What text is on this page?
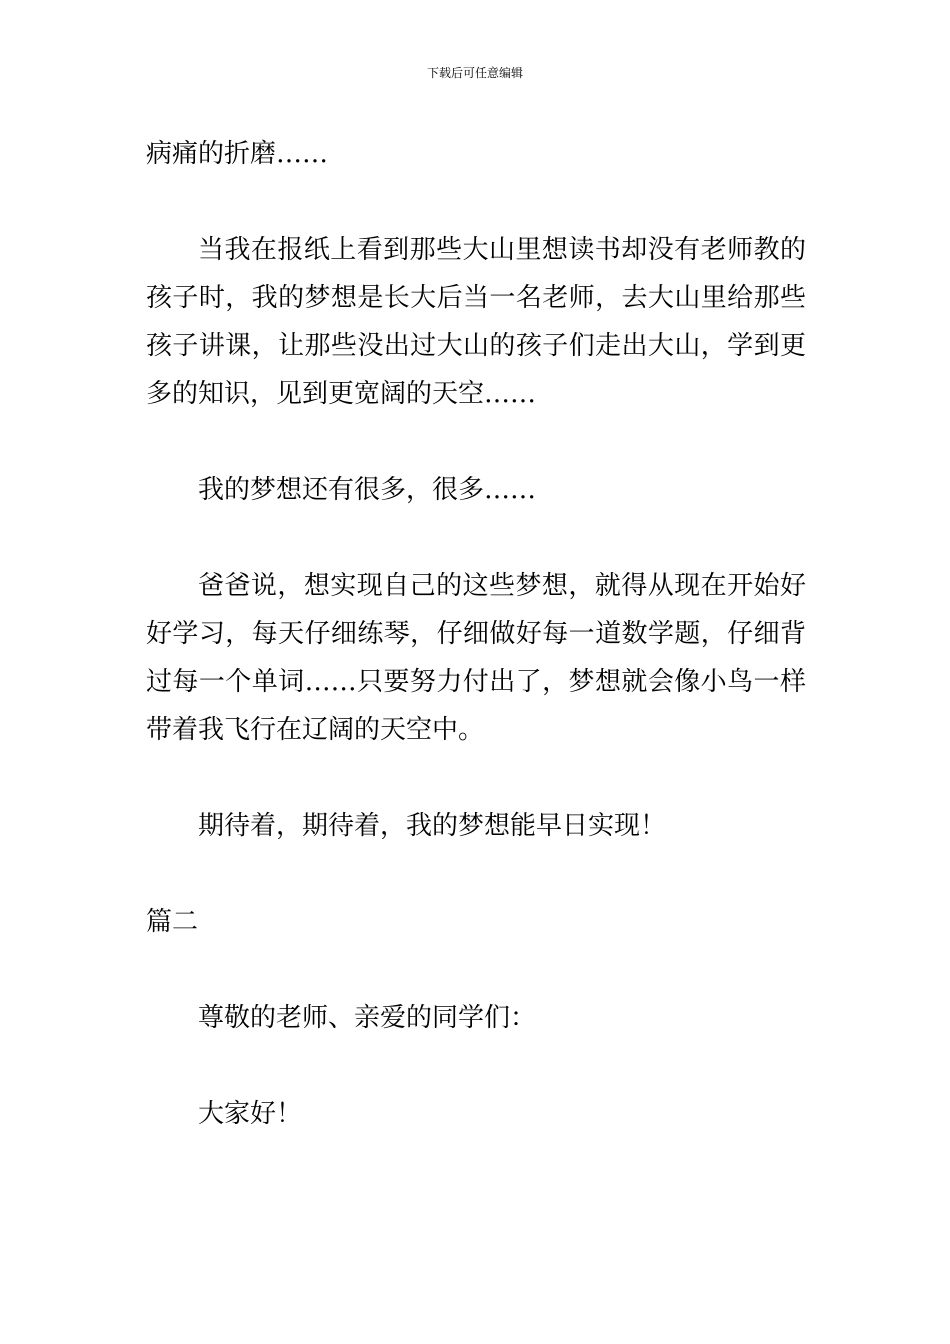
下载后可任意编辑

病痛的折磨……

当我在报纸上看到那些大山里想读书却没有老师教的孩子时，我的梦想是长大后当一名老师，去大山里给那些孩子讲课，让那些没出过大山的孩子们走出大山，学到更多的知识，见到更宽阔的天空……

我的梦想还有很多，很多……

爸爸说，想实现自己的这些梦想，就得从现在开始好好学习，每天仔细练琴，仔细做好每一道数学题，仔细背过每一个单词……只要努力付出了，梦想就会像小鸟一样带着我飞行在辽阔的天空中。

期待着，期待着，我的梦想能早日实现！

篇二

尊敬的老师、亲爱的同学们：

大家好！
